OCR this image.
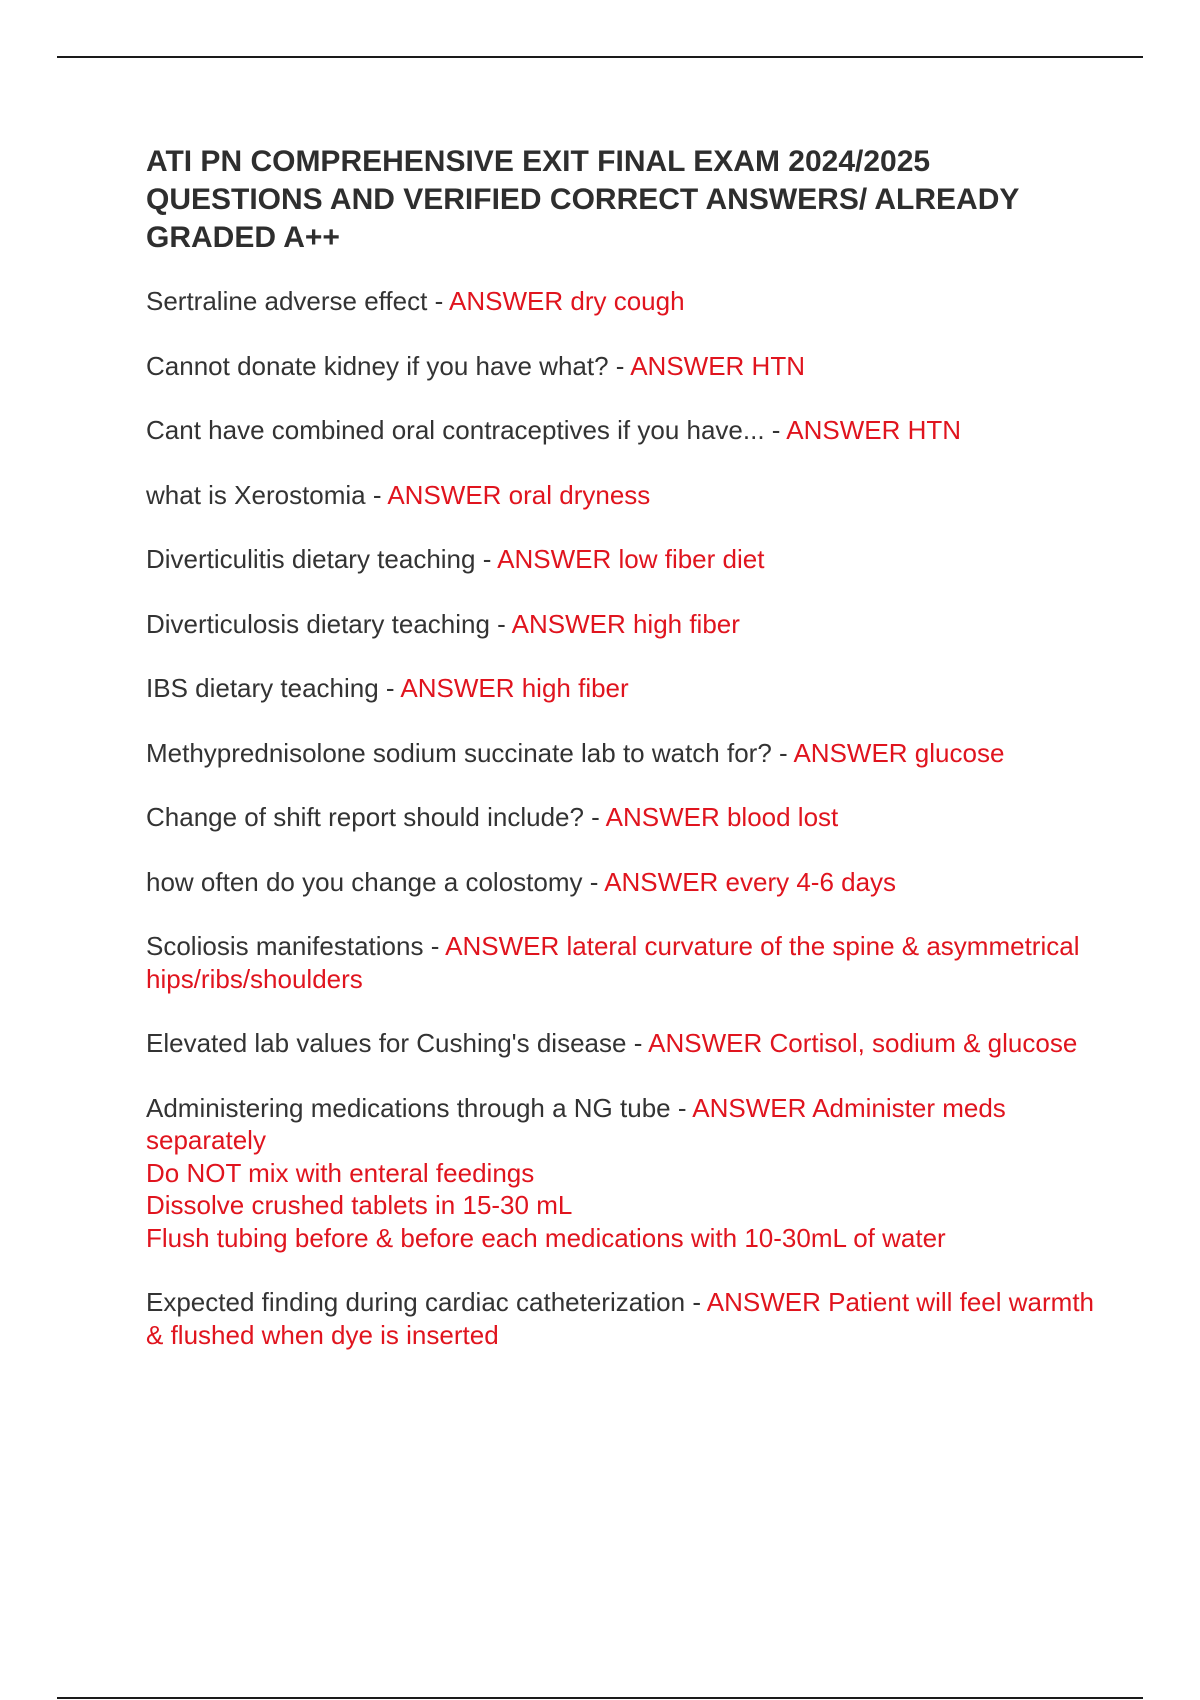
ATI PN COMPREHENSIVE EXIT FINAL EXAM 2024/2025 QUESTIONS AND VERIFIED CORRECT ANSWERS/ ALREADY GRADED A++

Sertraline adverse effect - ANSWER dry cough

Cannot donate kidney if you have what? - ANSWER HTN

Cant have combined oral contraceptives if you have... - ANSWER HTN

what is Xerostomia - ANSWER oral dryness

Diverticulitis dietary teaching - ANSWER low fiber diet

Diverticulosis dietary teaching - ANSWER high fiber

IBS dietary teaching - ANSWER high fiber

Methyprednisolone sodium succinate lab to watch for? - ANSWER glucose

Change of shift report should include? - ANSWER blood lost

how often do you change a colostomy - ANSWER every 4-6 days

Scoliosis manifestations - ANSWER lateral curvature of the spine & asymmetrical hips/ribs/shoulders

Elevated lab values for Cushing's disease - ANSWER Cortisol, sodium & glucose

Administering medications through a NG tube - ANSWER Administer meds separately
Do NOT mix with enteral feedings
Dissolve crushed tablets in 15-30 mL
Flush tubing before & before each medications with 10-30mL of water

Expected finding during cardiac catheterization - ANSWER Patient will feel warmth & flushed when dye is inserted
